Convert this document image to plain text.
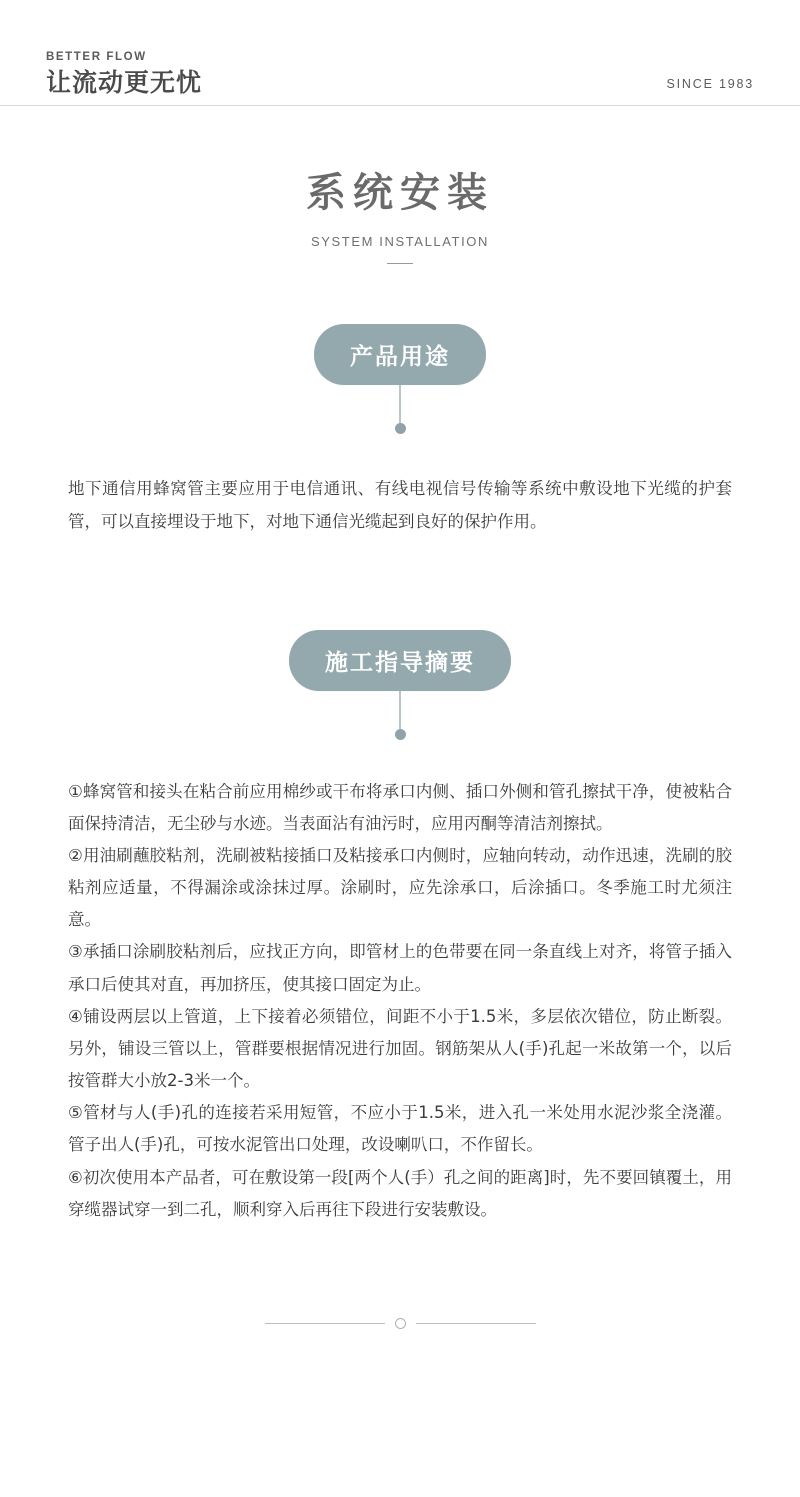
BETTER FLOW
让流动更无忧	SINCE 1983
系统安装
SYSTEM INSTALLATION
产品用途

地下通信用蜂窝管主要应用于电信通讯、有线电视信号传输等系统中敷设地下光缆的护套管，可以直接埋设于地下，对地下通信光缆起到良好的保护作用。

施工指导摘要

①蜂窝管和接头在粘合前应用棉纱或干布将承口内侧、插口外侧和管孔擦拭干净，使被粘合面保持清洁，无尘砂与水迹。当表面沾有油污时，应用丙酮等清洁剂擦拭。

②用油刷蘸胶粘剂，洗刷被粘接插口及粘接承口内侧时，应轴向转动，动作迅速，洗刷的胶粘剂应适量，不得漏涂或涂抹过厚。涂刷时，应先涂承口，后涂插口。冬季施工时尤须注意。

③承插口涂刷胶粘剂后，应找正方向，即管材上的色带要在同一条直线上对齐，将管子插入承口后使其对直，再加挤压，使其接口固定为止。

④铺设两层以上管道，上下接着必须错位，间距不小于1.5米，多层依次错位，防止断裂。另外，铺设三管以上，管群要根据情况进行加固。钢筋架从人(手)孔起一米故第一个，以后按管群大小放2-3米一个。

⑤管材与人(手)孔的连接若采用短管，不应小于1.5米，进入孔一米处用水泥沙浆全浇灌。管子出人(手)孔，可按水泥管出口处理，改设喇叭口，不作留长。

⑥初次使用本产品者，可在敷设第一段[两个人(手）孔之间的距离]时，先不要回镇覆土，用穿缆器试穿一到二孔，顺利穿入后再往下段进行安装敷设。
